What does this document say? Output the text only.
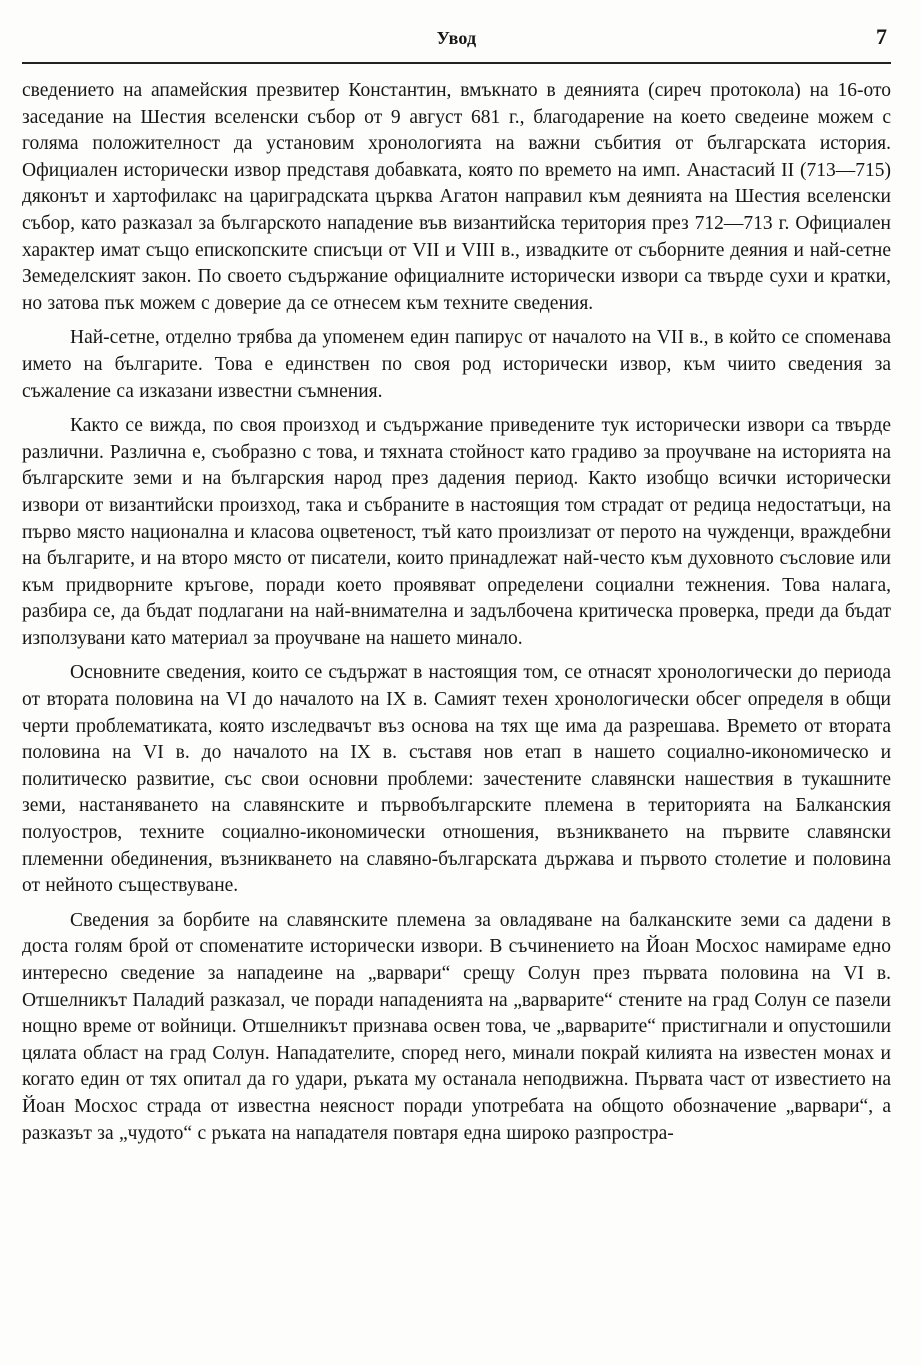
Увод	7

сведението на апамейския презвитер Константин, вмъкнато в деянията (сиреч протокола) на 16-ото заседание на Шестия вселенски събор от 9 август 681 г., благодарение на което сведеине можем с голяма положителност да установим хронологията на важни събития от българската история. Официален исторически извор представя добавката, която по времето на имп. Анастасий II (713—715) дяконът и хартофилакс на цариградската църква Агатон направил към деянията на Шестия вселенски събор, като разказал за българското нападение във византийска територия през 712—713 г. Официален характер имат също епископските списъци от VII и VIII в., извадките от съборните деяния и най-сетне Земеделският закон. По своето съдържание официалните исторически извори са твърде сухи и кратки, но затова пък можем с доверие да се отнесем към техните сведения.

Най-сетне, отделно трябва да упоменем един папирус от началото на VII в., в който се споменава името на българите. Това е единствен по своя род исторически извор, към чиито сведения за съжаление са изказани известни съмнения.

Както се вижда, по своя произход и съдържание приведените тук исторически извори са твърде различни. Различна е, съобразно с това, и тяхната стойност като градиво за проучване на историята на българските земи и на българския народ през дадения период. Както изобщо всички исторически извори от византийски произход, така и събраните в настоящия том страдат от редица недостатъци, на първо място национална и класова оцветеност, тъй като произлизат от перото на чужденци, враждебни на българите, и на второ място от писатели, които принадлежат най-често към духовното съсловие или към придворните кръгове, поради което проявяват определени социални тежнения. Това налага, разбира се, да бъдат подлагани на най-внимателна и задълбочена критическа проверка, преди да бъдат използувани като материал за проучване на нашето минало.

Основните сведения, които се съдържат в настоящия том, се отнасят хронологически до периода от втората половина на VI до началото на IX в. Самият техен хронологически обсег определя в общи черти проблематиката, която изследвачът въз основа на тях ще има да разрешава. Времето от втората половина на VI в. до началото на IX в. съставя нов етап в нашето социално-икономическо и политическо развитие, със свои основни проблеми: зачестените славянски нашествия в тукашните земи, настаняването на славянските и първобългарските племена в територията на Балканския полуостров, техните социално-икономически отношения, възникването на първите славянски племенни обединения, възникването на славяно-българската държава и първото столетие и половина от нейното съществуване.

Сведения за борбите на славянските племена за овладяване на балканските земи са дадени в доста голям брой от споменатите исторически извори. В съчинението на Йоан Мосхос намираме едно интересно сведение за нападеине на „варвари“ срещу Солун през първата половина на VI в. Отшелникът Паладий разказал, че поради нападенията на „варварите“ стените на град Солун се пазели нощно време от войници. Отшелникът признава освен това, че „варварите“ пристигнали и опустошили цялата област на град Солун. Нападателите, според него, минали покрай килията на известен монах и когато един от тях опитал да го удари, ръката му останала неподвижна. Първата част от известието на Йоан Мосхос страда от известна неясност поради употребата на общото обозначение „варвари“, а разказът за „чудото“ с ръката на нападателя повтаря една широко разпростра-
